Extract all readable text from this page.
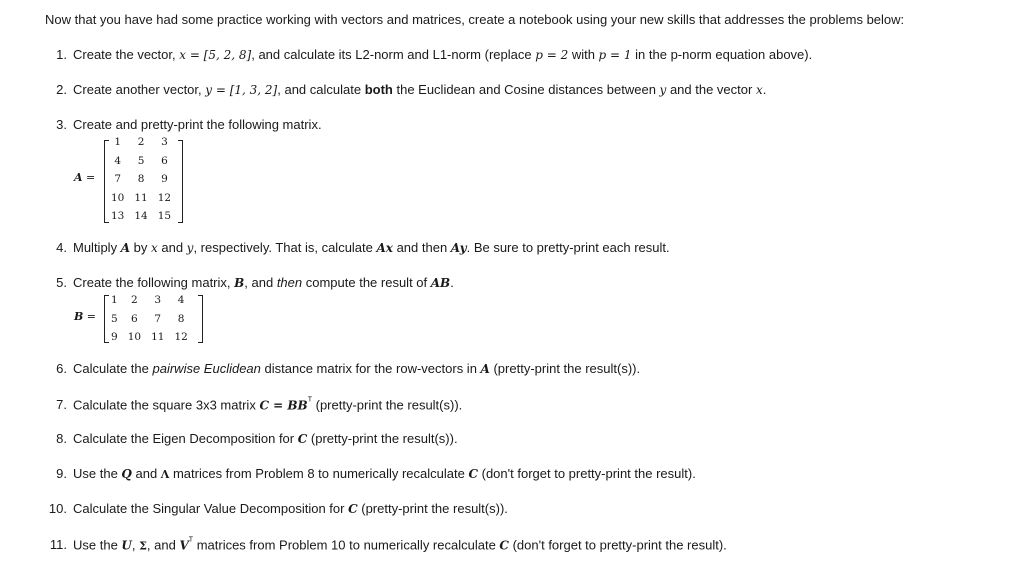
Now that you have had some practice working with vectors and matrices, create a notebook using your new skills that addresses the problems below:
1. Create the vector, x = [5, 2, 8], and calculate its L2-norm and L1-norm (replace p = 2 with p = 1 in the p-norm equation above).
2. Create another vector, y = [1, 3, 2], and calculate both the Euclidean and Cosine distances between y and the vector x.
3. Create and pretty-print the following matrix.
A =
1	2	3
4	5	6
7	8	9
10	11	12
13	14	15
4. Multiply A by x and y, respectively. That is, calculate Ax and then Ay. Be sure to pretty-print each result.
5. Create the following matrix, B, and then compute the result of AB.
B =
1	2	3	4
5	6	7	8
9	10	11	12
6. Calculate the pairwise Euclidean distance matrix for the row-vectors in A (pretty-print the result(s)).
7. Calculate the square 3x3 matrix $C = BB^ᵀ$ (pretty-print the result(s)).
8. Calculate the Eigen Decomposition for C (pretty-print the result(s)).
9. Use the Q and Λ matrices from Problem 8 to numerically recalculate C (don't forget to pretty-print the result).
10. Calculate the Singular Value Decomposition for C (pretty-print the result(s)).
11. Use the U, Σ, and $V^ᵀ$ matrices from Problem 10 to numerically recalculate C (don't forget to pretty-print the result).
